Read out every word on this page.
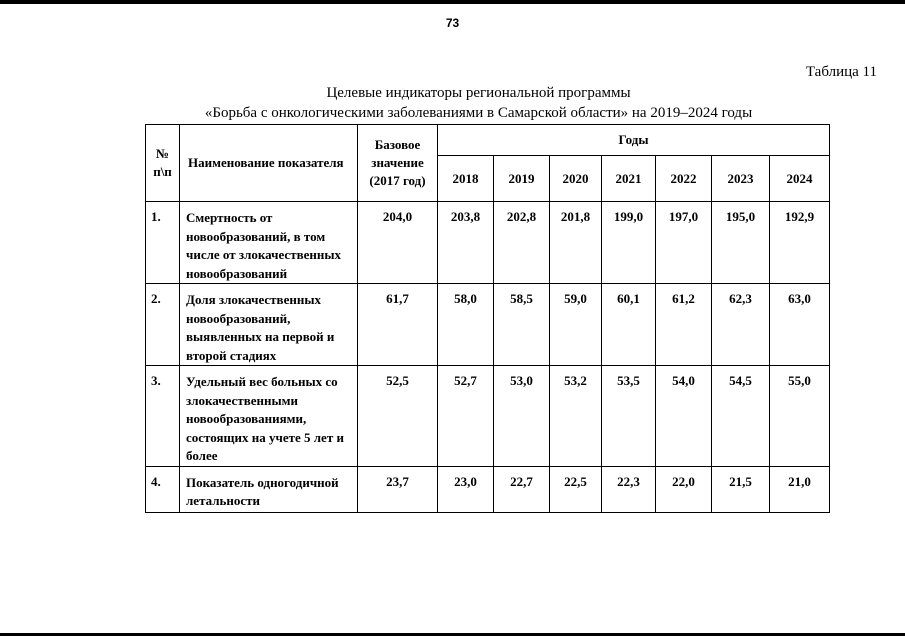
73
Таблица 11
Целевые индикаторы региональной программы
«Борьба с онкологическими заболеваниями в Самарской области» на 2019–2024 годы
№ п\п	Наименование показателя	Базовое значение (2017 год)	Годы						
			2018	2019	2020	2021	2022	2023	2024
1.	Смертность от новообразований, в том числе от злокачественных новообразований	204,0	203,8	202,8	201,8	199,0	197,0	195,0	192,9
2.	Доля злокачественных новообразований, выявленных на первой и второй стадиях	61,7	58,0	58,5	59,0	60,1	61,2	62,3	63,0
3.	Удельный вес больных со злокачественными новообразованиями, состоящих на учете 5 лет и более	52,5	52,7	53,0	53,2	53,5	54,0	54,5	55,0
4.	Показатель одногодичной летальности	23,7	23,0	22,7	22,5	22,3	22,0	21,5	21,0
